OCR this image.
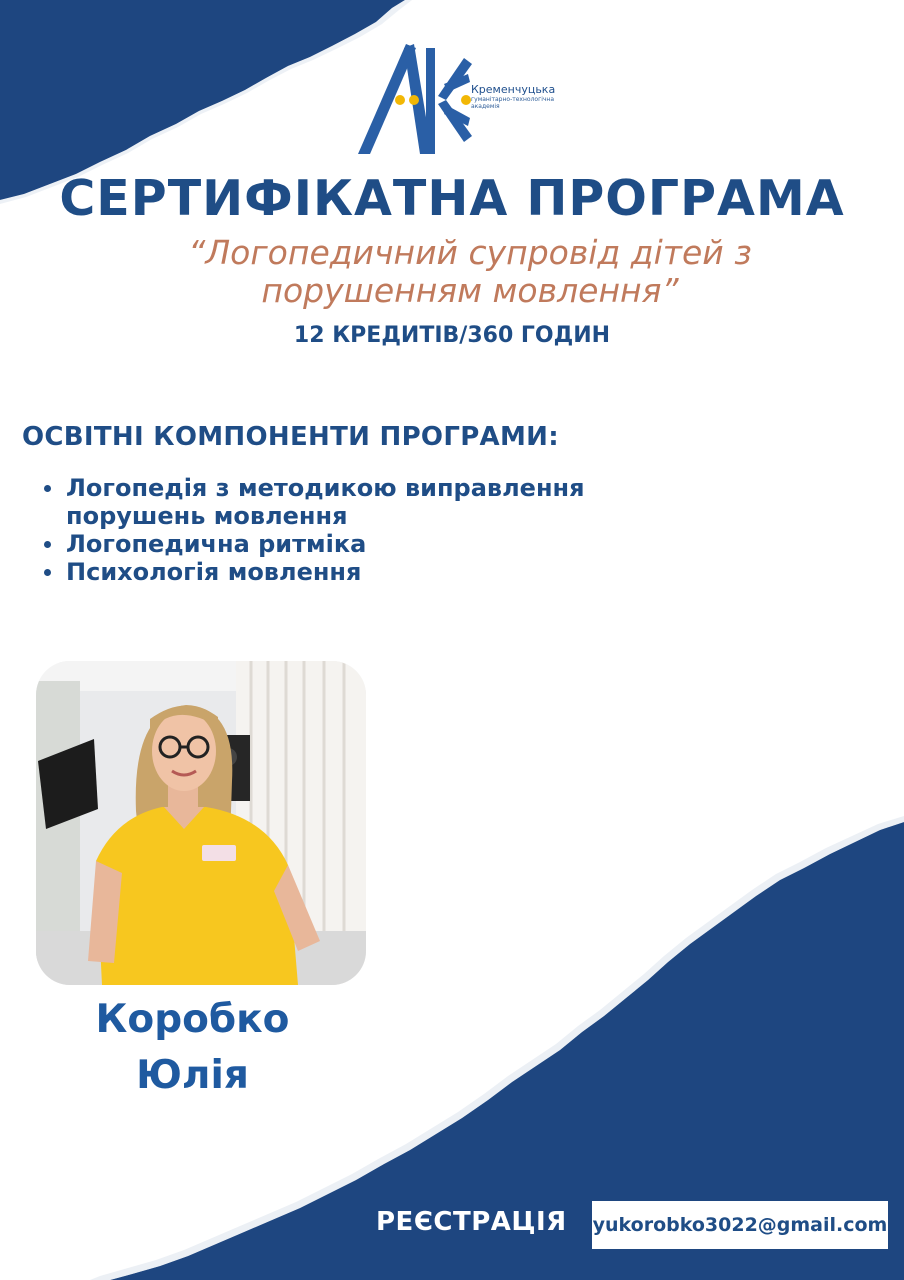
Кременчуцька
гуманітарно-технологічна
академія
СЕРТИФІКАТНА ПРОГРАМА
“Логопедичний супровід дітей з порушенням мовлення”
12 КРЕДИТІВ/360 ГОДИН
ОСВІТНІ КОМПОНЕНТИ ПРОГРАМИ:
Логопедія з методикою виправлення порушень мовлення
Логопедична ритміка
Психологія мовлення
Коробко
Юлія
РЕЄСТРАЦІЯ yukorobko3022@gmail.com
